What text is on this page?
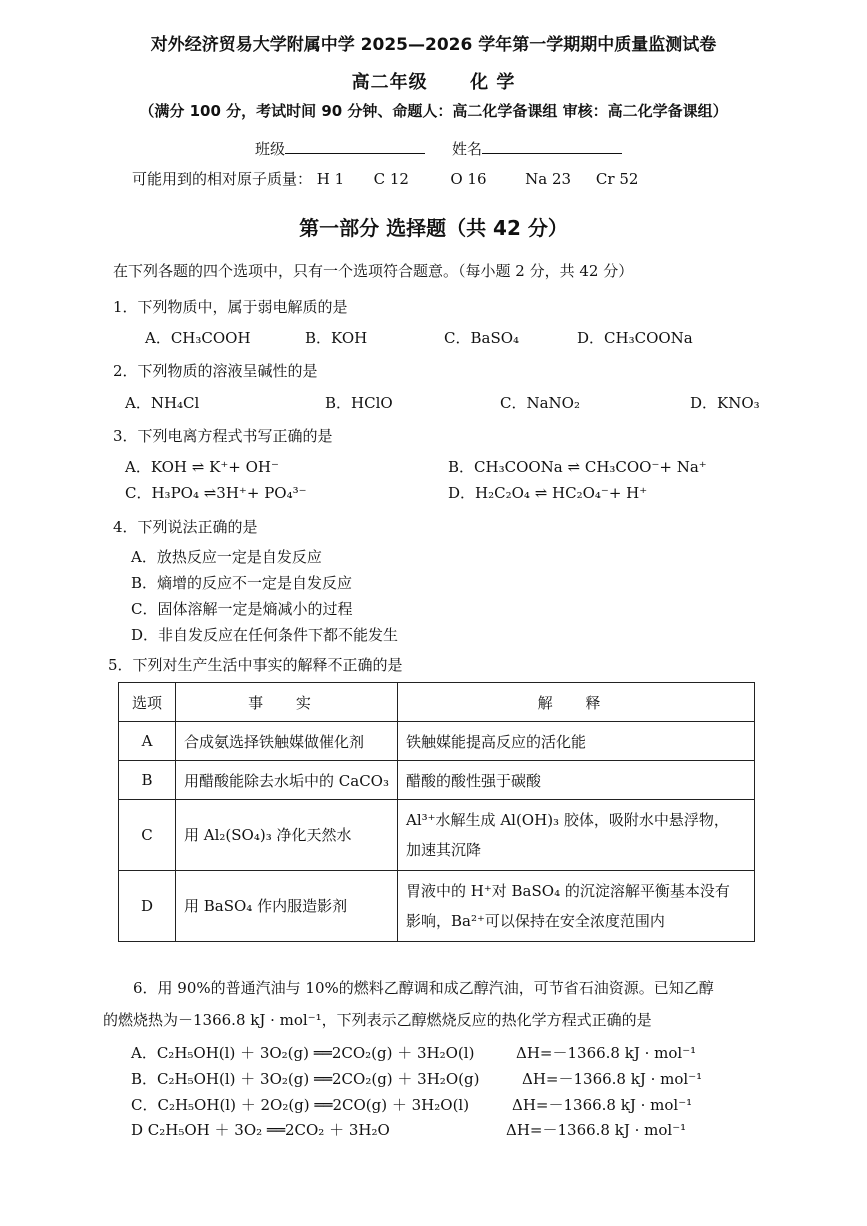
对外经济贸易大学附属中学 2025—2026 学年第一学期期中质量监测试卷
高二年级 化 学
（满分 100 分，考试时间 90 分钟、命题人：高二化学备课组 审核：高二化学备课组）
班级	姓名
可能用到的相对原子质量： H 1 C 12	O 16	Na 23 Cr 52
第一部分 选择题（共 42 分）
在下列各题的四个选项中，只有一个选项符合题意。（每小题 2 分，共 42 分）
1．下列物质中，属于弱电解质的是
A．CH₃COOH	B．KOH	C．BaSO₄	D．CH₃COONa
2．下列物质的溶液呈碱性的是
A．NH₄Cl	B．HClO	C．NaNO₂	D．KNO₃
3．下列电离方程式书写正确的是
A．KOH ⇌ K⁺+ OH⁻	B．CH₃COONa ⇌ CH₃COO⁻+ Na⁺
C．H₃PO₄ ⇌3H⁺+ PO₄³⁻	D．H₂C₂O₄ ⇌ HC₂O₄⁻+ H⁺
4．下列说法正确的是
A．放热反应一定是自发反应
B．熵增的反应不一定是自发反应
C．固体溶解一定是熵减小的过程
D．非自发反应在任何条件下都不能发生
5．下列对生产生活中事实的解释不正确的是
选项	事 实	解 释
A	合成氨选择铁触媒做催化剂	铁触媒能提高反应的活化能
B	用醋酸能除去水垢中的 CaCO₃	醋酸的酸性强于碳酸
C	用 Al₂(SO₄)₃ 净化天然水	Al³⁺水解生成 Al(OH)₃ 胶体，吸附水中悬浮物，
加速其沉降

D	用 BaSO₄ 作内服造影剂	胃液中的 H⁺对 BaSO₄ 的沉淀溶解平衡基本没有
影响，Ba²⁺可以保持在安全浓度范围内
6．用 90%的普通汽油与 10%的燃料乙醇调和成乙醇汽油，可节省石油资源。已知乙醇
的燃烧热为－1366.8 kJ · mol⁻¹，下列表示乙醇燃烧反应的热化学方程式正确的是
A．C₂H₅OH(l) ＋ 3O₂(g) ══2CO₂(g) ＋ 3H₂O(l)	ΔH=－1366.8 kJ · mol⁻¹
B．C₂H₅OH(l) ＋ 3O₂(g) ══2CO₂(g) ＋ 3H₂O(g)	ΔH=－1366.8 kJ · mol⁻¹
C．C₂H₅OH(l) ＋ 2O₂(g) ══2CO(g) ＋ 3H₂O(l)	ΔH=－1366.8 kJ · mol⁻¹
D C₂H₅OH ＋ 3O₂ ══2CO₂ ＋ 3H₂O	ΔH=－1366.8 kJ · mol⁻¹
